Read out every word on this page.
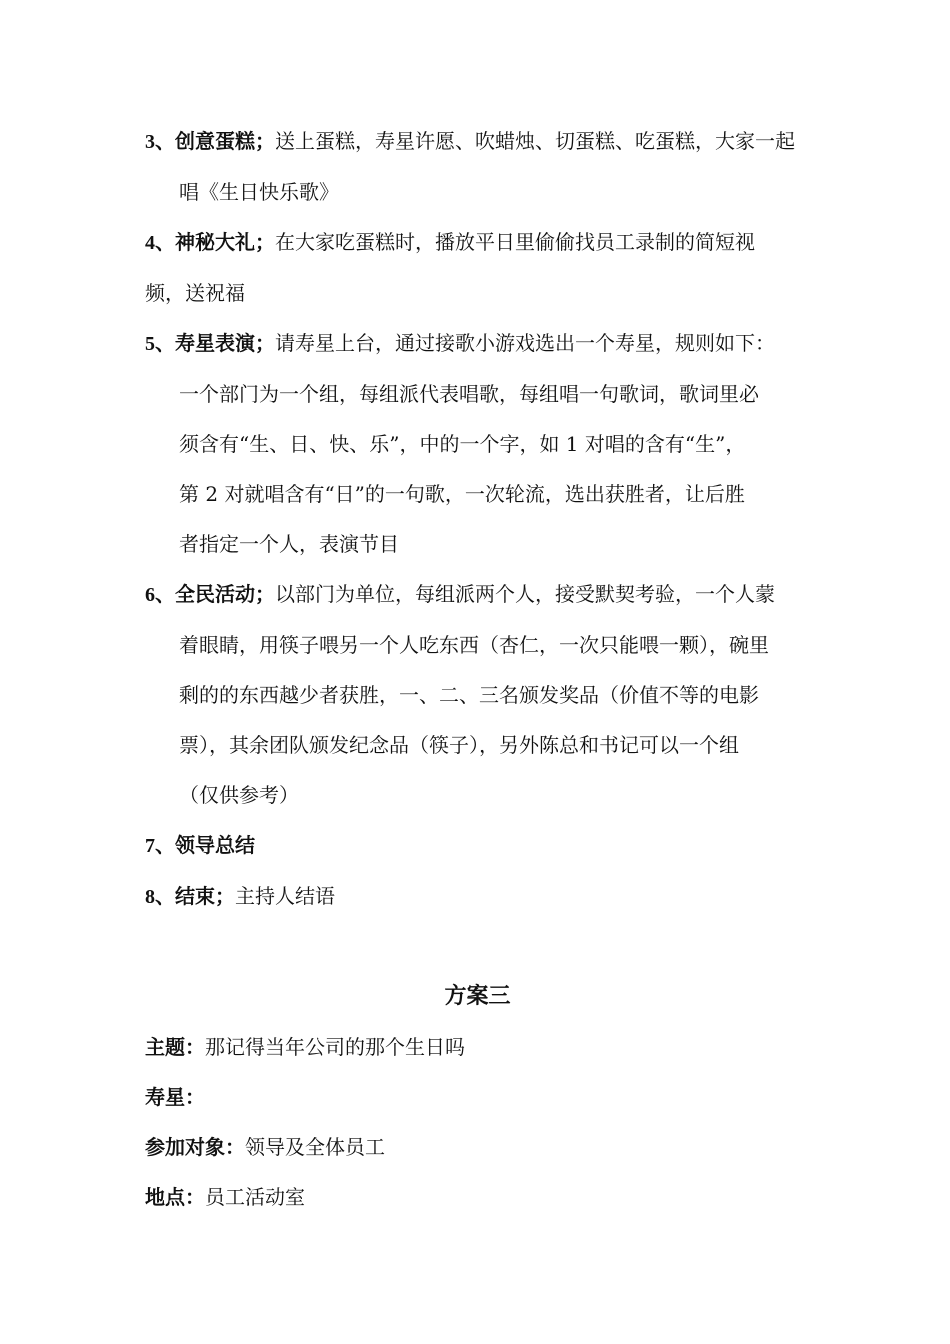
3、创意蛋糕；送上蛋糕，寿星许愿、吹蜡烛、切蛋糕、吃蛋糕，大家一起
唱《生日快乐歌》
4、神秘大礼；在大家吃蛋糕时，播放平日里偷偷找员工录制的简短视
频，送祝福
5、寿星表演；请寿星上台，通过接歌小游戏选出一个寿星，规则如下：
一个部门为一个组，每组派代表唱歌，每组唱一句歌词，歌词里必
须含有“生、日、快、乐”，中的一个字，如 1 对唱的含有“生”，
第 2 对就唱含有“日”的一句歌，一次轮流，选出获胜者，让后胜
者指定一个人，表演节目
6、全民活动；以部门为单位，每组派两个人，接受默契考验，一个人蒙
着眼睛，用筷子喂另一个人吃东西（杏仁，一次只能喂一颗），碗里
剩的的东西越少者获胜，一、二、三名颁发奖品（价值不等的电影
票），其余团队颁发纪念品（筷子），另外陈总和书记可以一个组
（仅供参考）
7、领导总结
8、结束；主持人结语
方案三
主题：那记得当年公司的那个生日吗
寿星：
参加对象：领导及全体员工
地点：员工活动室
